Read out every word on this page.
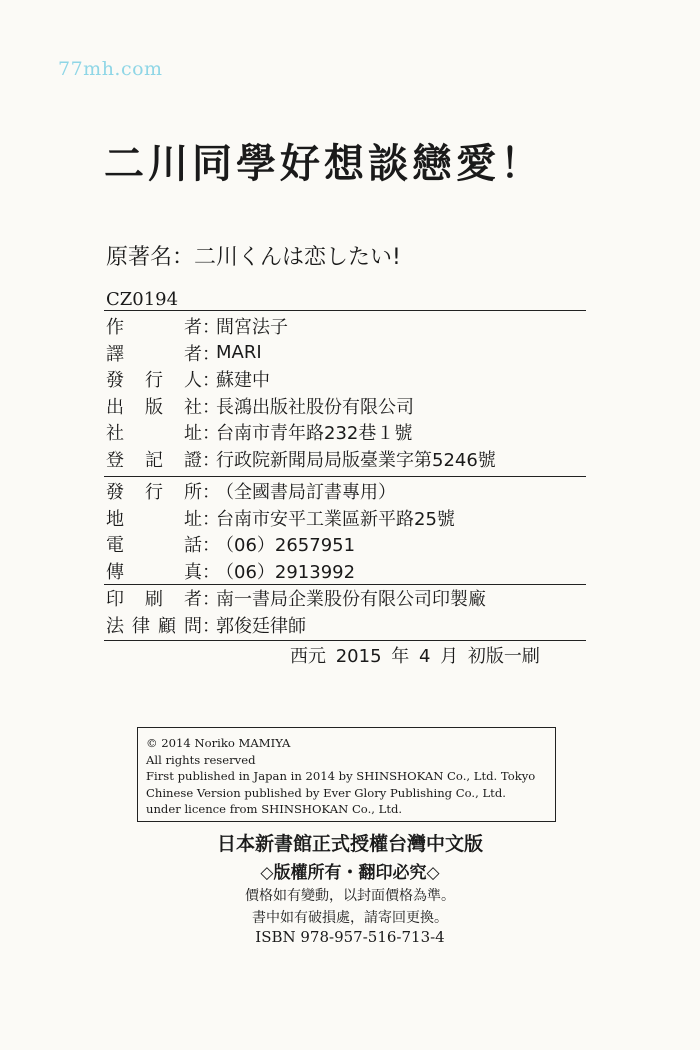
77mh.com
二川同學好想談戀愛！
原著名：二川くんは恋したい!
CZ0194
作	者 ：
間宮法子
譯	者 ：
MARI
發 行 人 ：
蘇建中
出 版 社 ：
長鴻出版社股份有限公司
社	址 ：
台南市青年路232巷１號
登 記 證 ：
行政院新聞局局版臺業字第5246號
發 行 所 ：
（全國書局訂書專用）
地	址 ：
台南市安平工業區新平路25號
電	話 ：
（06）2657951
傳	真 ：
（06）2913992
印 刷 者 ：
南一書局企業股份有限公司印製廠
法 律 顧 問 ：
郭俊廷律師
西元 2015 年 4 月 初版一刷
© 2014 Noriko MAMIYA
All rights reserved
First published in Japan in 2014 by SHINSHOKAN Co., Ltd. Tokyo
Chinese Version published by Ever Glory Publishing Co., Ltd.
under licence from SHINSHOKAN Co., Ltd.
日本新書館正式授權台灣中文版
◇版權所有・翻印必究◇
價格如有變動，以封面價格為準。
書中如有破損處，請寄回更換。
ISBN 978-957-516-713-4
